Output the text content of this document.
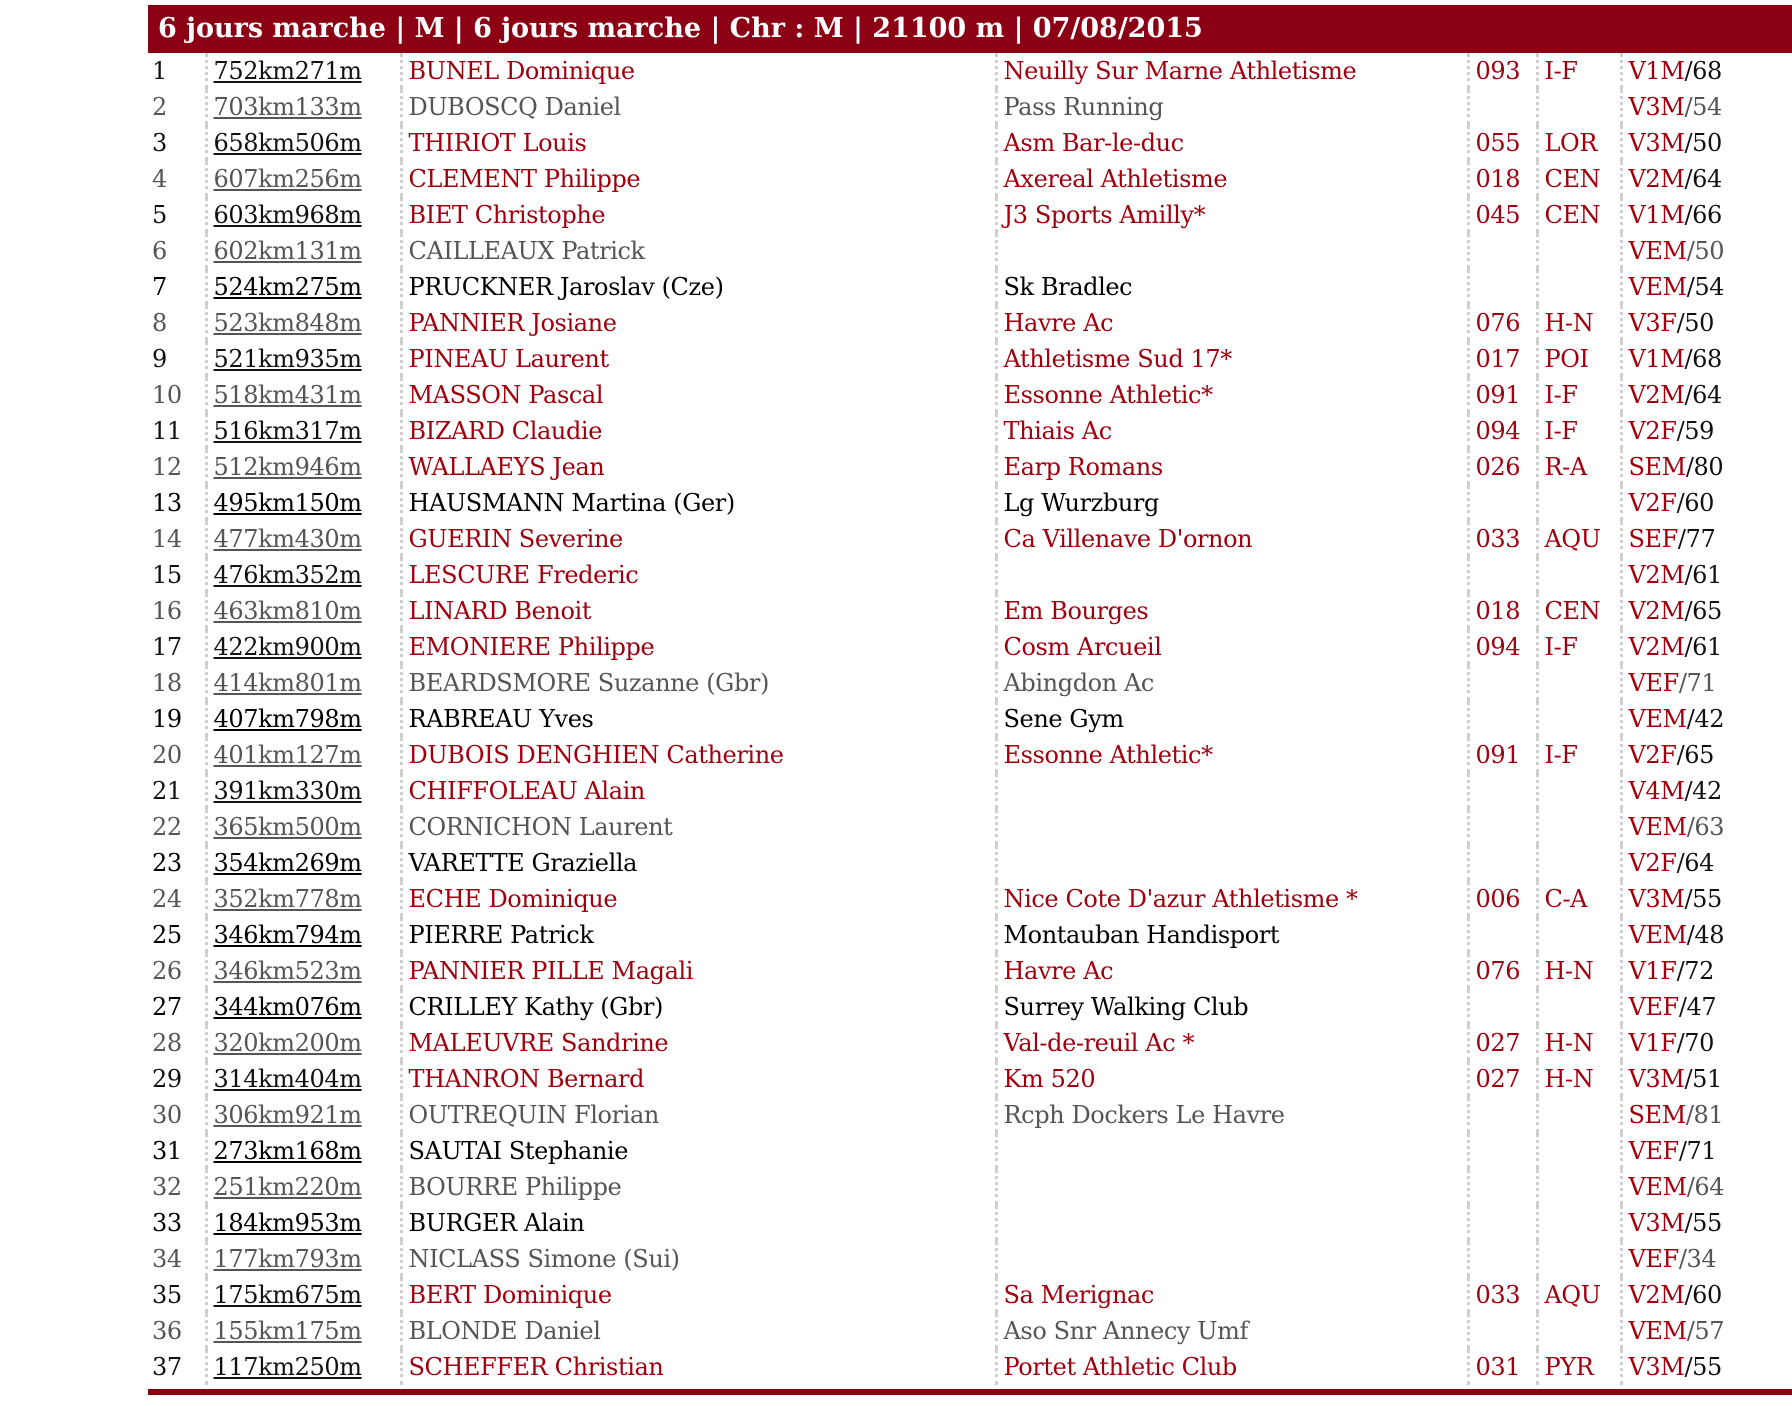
6 jours marche | M | 6 jours marche | Chr : M | 21100 m | 07/08/2015
1	752km271m	BUNEL Dominique	Neuilly Sur Marne Athletisme	093	I-F	V1M/68
2	703km133m	DUBOSCQ Daniel	Pass Running			V3M/54
3	658km506m	THIRIOT Louis	Asm Bar-le-duc	055	LOR	V3M/50
4	607km256m	CLEMENT Philippe	Axereal Athletisme	018	CEN	V2M/64
5	603km968m	BIET Christophe	J3 Sports Amilly*	045	CEN	V1M/66
6	602km131m	CAILLEAUX Patrick				VEM/50
7	524km275m	PRUCKNER Jaroslav (Cze)	Sk Bradlec			VEM/54
8	523km848m	PANNIER Josiane	Havre Ac	076	H-N	V3F/50
9	521km935m	PINEAU Laurent	Athletisme Sud 17*	017	POI	V1M/68
10	518km431m	MASSON Pascal	Essonne Athletic*	091	I-F	V2M/64
11	516km317m	BIZARD Claudie	Thiais Ac	094	I-F	V2F/59
12	512km946m	WALLAEYS Jean	Earp Romans	026	R-A	SEM/80
13	495km150m	HAUSMANN Martina (Ger)	Lg Wurzburg			V2F/60
14	477km430m	GUERIN Severine	Ca Villenave D'ornon	033	AQU	SEF/77
15	476km352m	LESCURE Frederic				V2M/61
16	463km810m	LINARD Benoit	Em Bourges	018	CEN	V2M/65
17	422km900m	EMONIERE Philippe	Cosm Arcueil	094	I-F	V2M/61
18	414km801m	BEARDSMORE Suzanne (Gbr)	Abingdon Ac			VEF/71
19	407km798m	RABREAU Yves	Sene Gym			VEM/42
20	401km127m	DUBOIS DENGHIEN Catherine	Essonne Athletic*	091	I-F	V2F/65
21	391km330m	CHIFFOLEAU Alain				V4M/42
22	365km500m	CORNICHON Laurent				VEM/63
23	354km269m	VARETTE Graziella				V2F/64
24	352km778m	ECHE Dominique	Nice Cote D'azur Athletisme *	006	C-A	V3M/55
25	346km794m	PIERRE Patrick	Montauban Handisport			VEM/48
26	346km523m	PANNIER PILLE Magali	Havre Ac	076	H-N	V1F/72
27	344km076m	CRILLEY Kathy (Gbr)	Surrey Walking Club			VEF/47
28	320km200m	MALEUVRE Sandrine	Val-de-reuil Ac *	027	H-N	V1F/70
29	314km404m	THANRON Bernard	Km 520	027	H-N	V3M/51
30	306km921m	OUTREQUIN Florian	Rcph Dockers Le Havre			SEM/81
31	273km168m	SAUTAI Stephanie				VEF/71
32	251km220m	BOURRE Philippe				VEM/64
33	184km953m	BURGER Alain				V3M/55
34	177km793m	NICLASS Simone (Sui)				VEF/34
35	175km675m	BERT Dominique	Sa Merignac	033	AQU	V2M/60
36	155km175m	BLONDE Daniel	Aso Snr Annecy Umf			VEM/57
37	117km250m	SCHEFFER Christian	Portet Athletic Club	031	PYR	V3M/55
